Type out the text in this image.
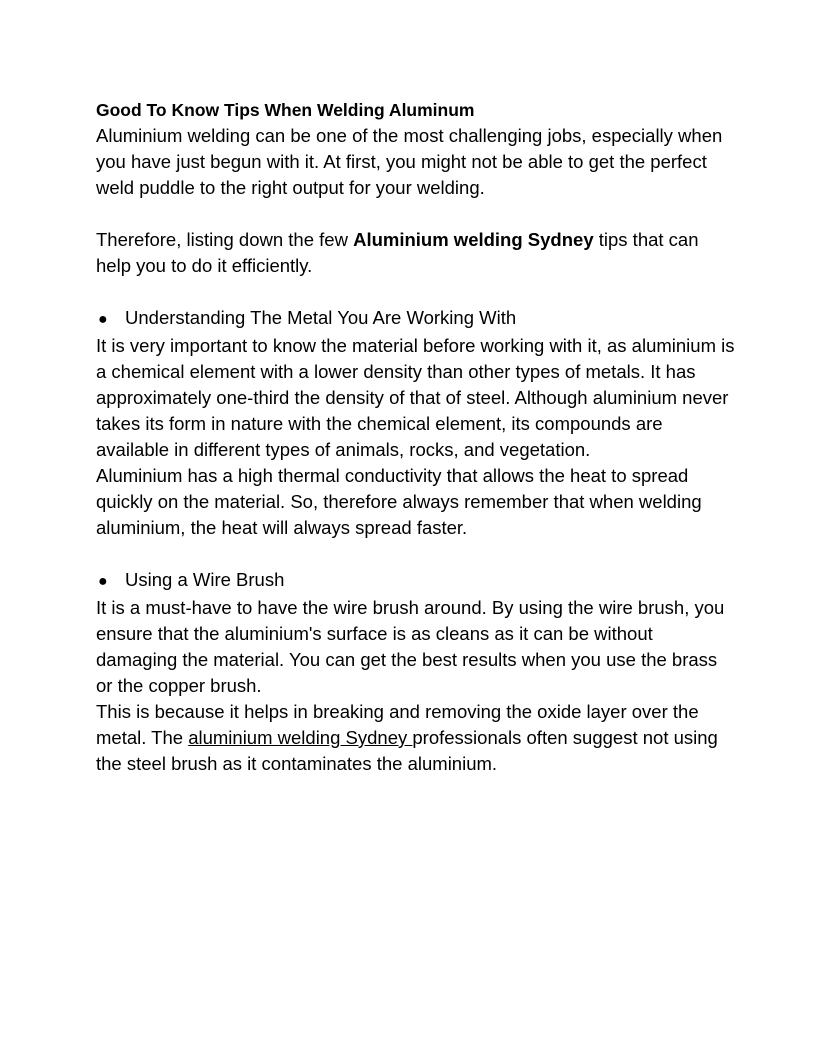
Good To Know Tips When Welding Aluminum

Aluminium welding can be one of the most challenging jobs, especially when you have just begun with it. At first, you might not be able to get the perfect weld puddle to the right output for your welding.

Therefore, listing down the few Aluminium welding Sydney tips that can help you to do it efficiently.

● Understanding The Metal You Are Working With

It is very important to know the material before working with it, as aluminium is a chemical element with a lower density than other types of metals. It has approximately one-third the density of that of steel. Although aluminium never takes its form in nature with the chemical element, its compounds are available in different types of animals, rocks, and vegetation.

Aluminium has a high thermal conductivity that allows the heat to spread quickly on the material. So, therefore always remember that when welding aluminium, the heat will always spread faster.

● Using a Wire Brush

It is a must-have to have the wire brush around. By using the wire brush, you ensure that the aluminium's surface is as cleans as it can be without damaging the material. You can get the best results when you use the brass or the copper brush.

This is because it helps in breaking and removing the oxide layer over the metal. The aluminium welding Sydney professionals often suggest not using the steel brush as it contaminates the aluminium.
